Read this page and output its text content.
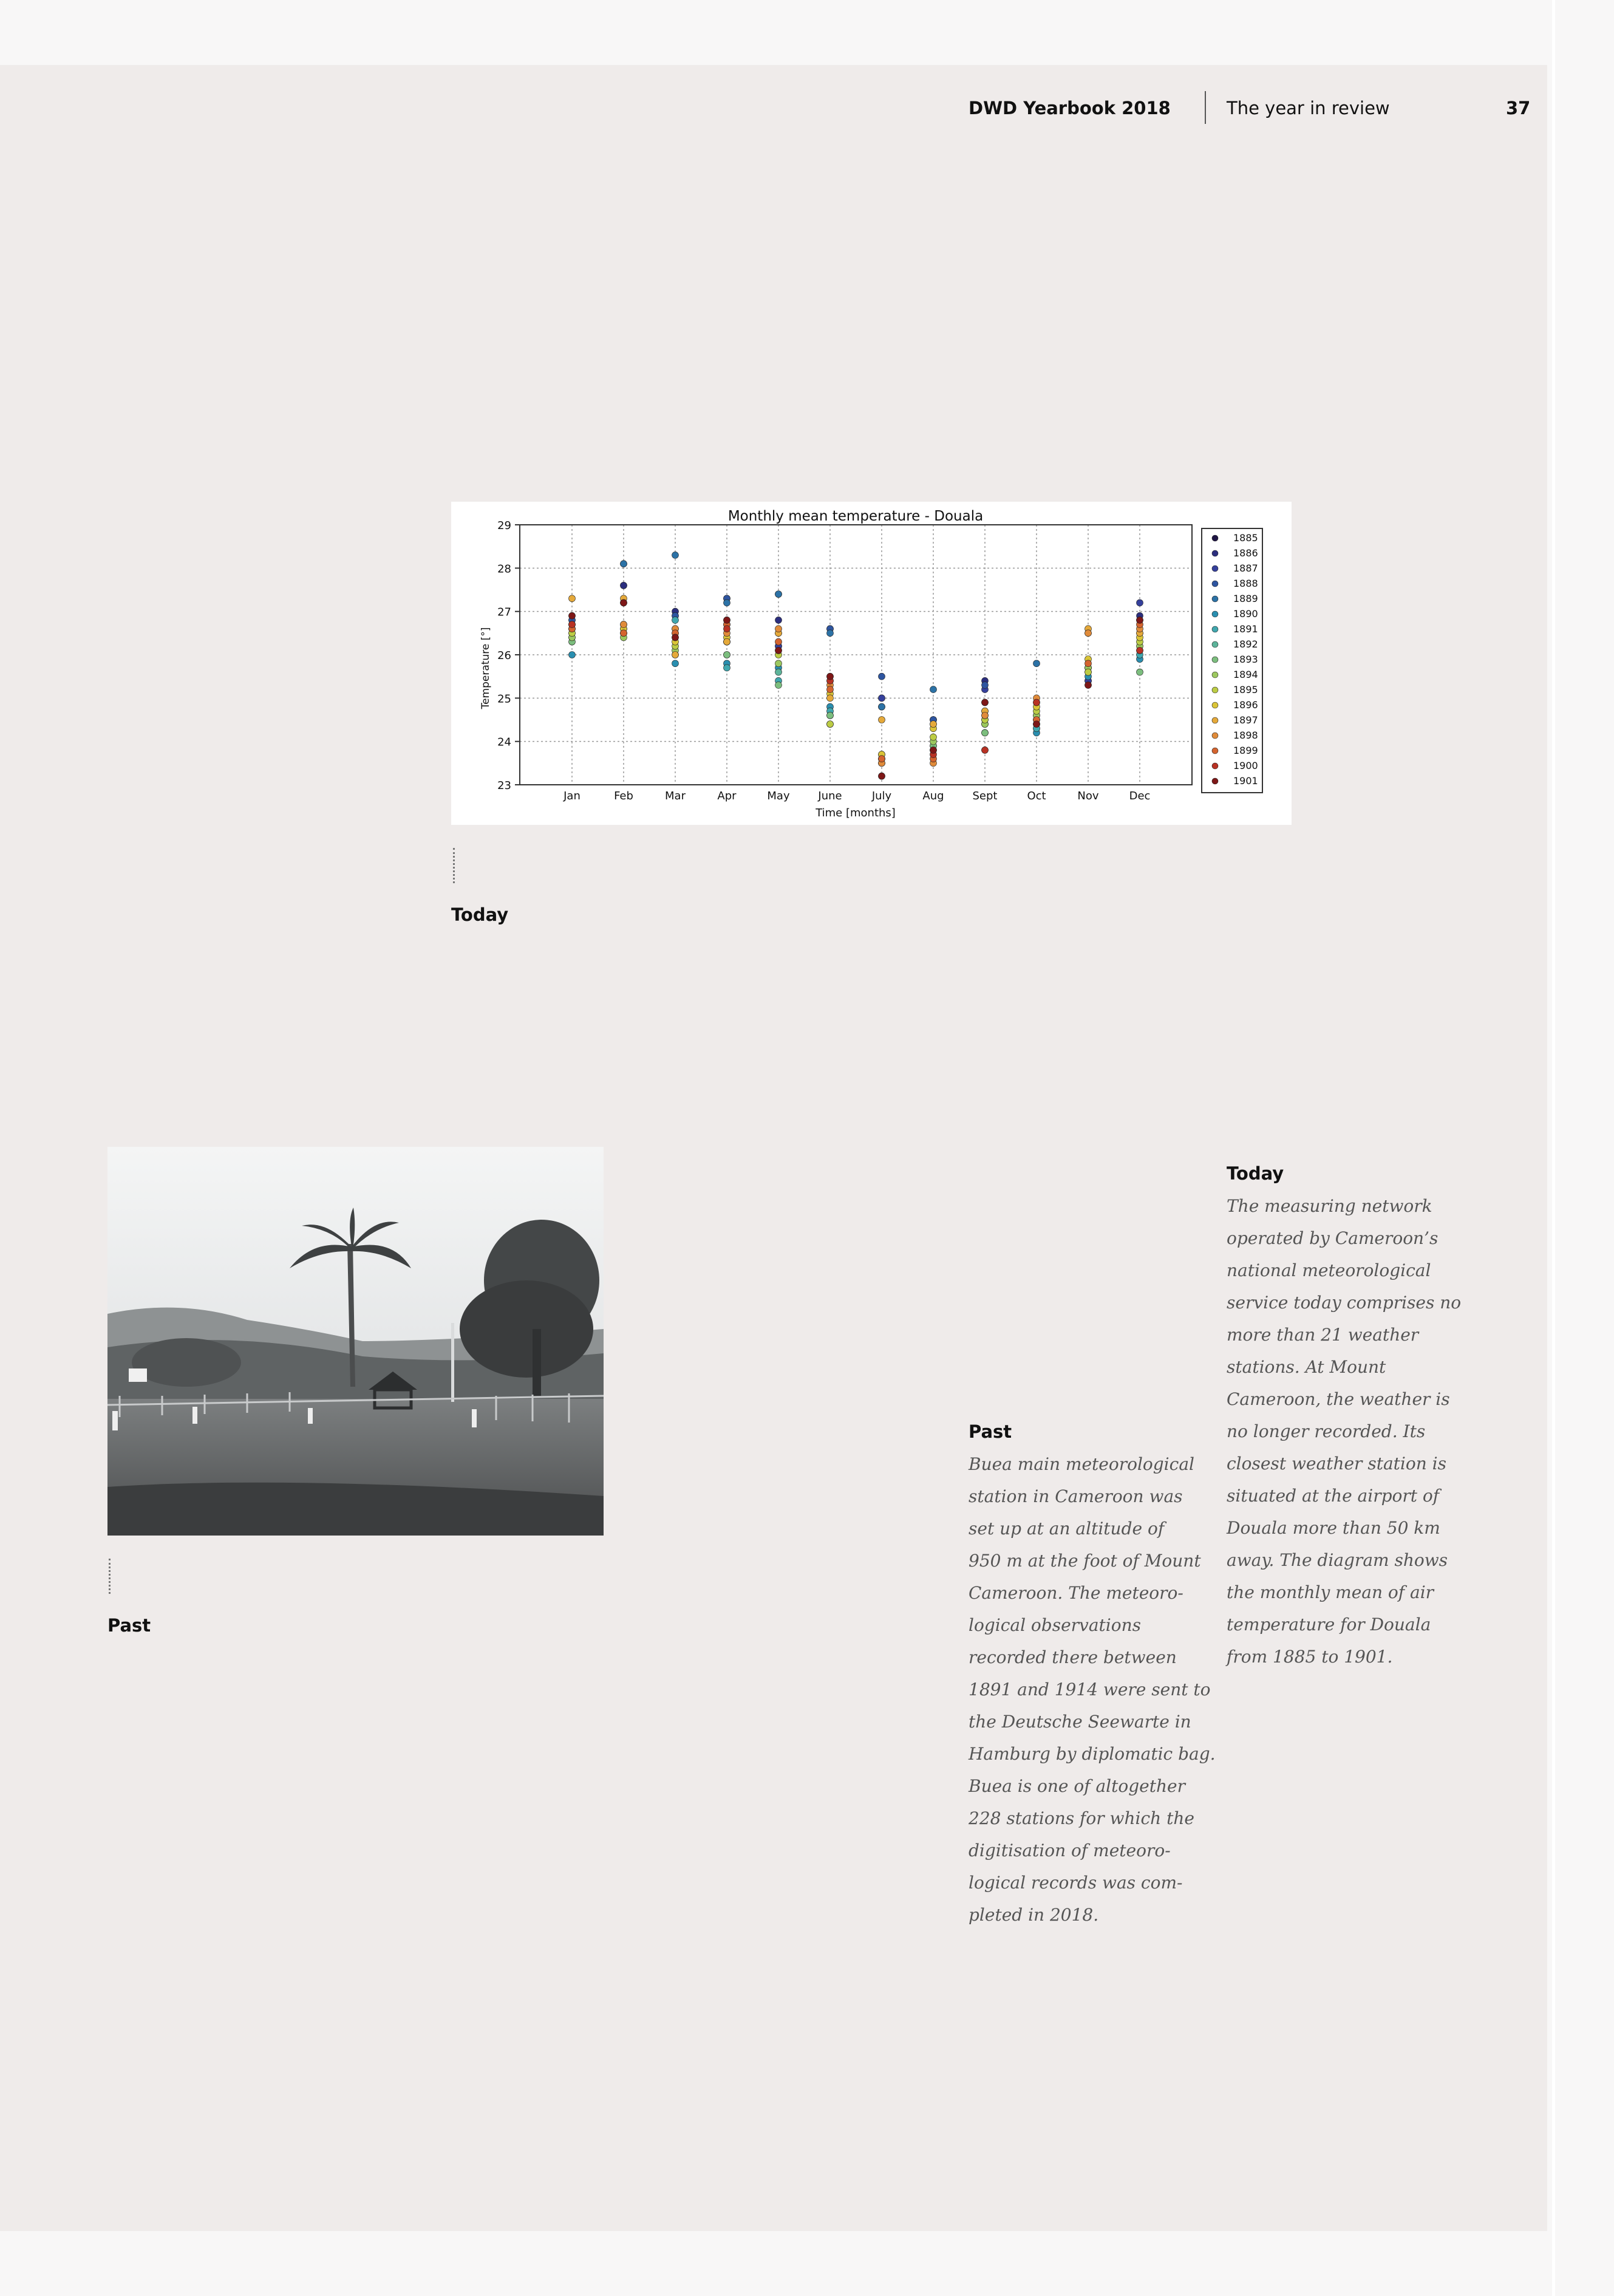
DWD Yearbook 2018	The year in review	37
Monthly mean temperature - Douala
Temperature [°]
Time [months]
Jan	Feb	Mar	Apr	May	June	July	Aug	Sept	Oct	Nov	Dec
23
24
25
26
27
28
29
1885
1886
1887
1888
1889
1890
1891
1892
1893
1894
1895
1896
1897
1898
1899
1900
1901
Today
Past
Past

Buea main meteorological
station in Cameroon was
set up at an altitude of
950 m at the foot of Mount
Cameroon. The meteoro-
logical observations
recorded there between
1891 and 1914 were sent to
the Deutsche Seewarte in
Hamburg by diplomatic bag.
Buea is one of altogether
228 stations for which the
digitisation of meteoro-
logical records was com-
pleted in 2018.

Today

The measuring network
operated by Cameroon’s
national meteorological
service today comprises no
more than 21 weather
stations. At Mount
Cameroon, the weather is
no longer recorded. Its
closest weather station is
situated at the airport of
Douala more than 50 km
away. The diagram shows
the monthly mean of air
temperature for Douala
from 1885 to 1901.
